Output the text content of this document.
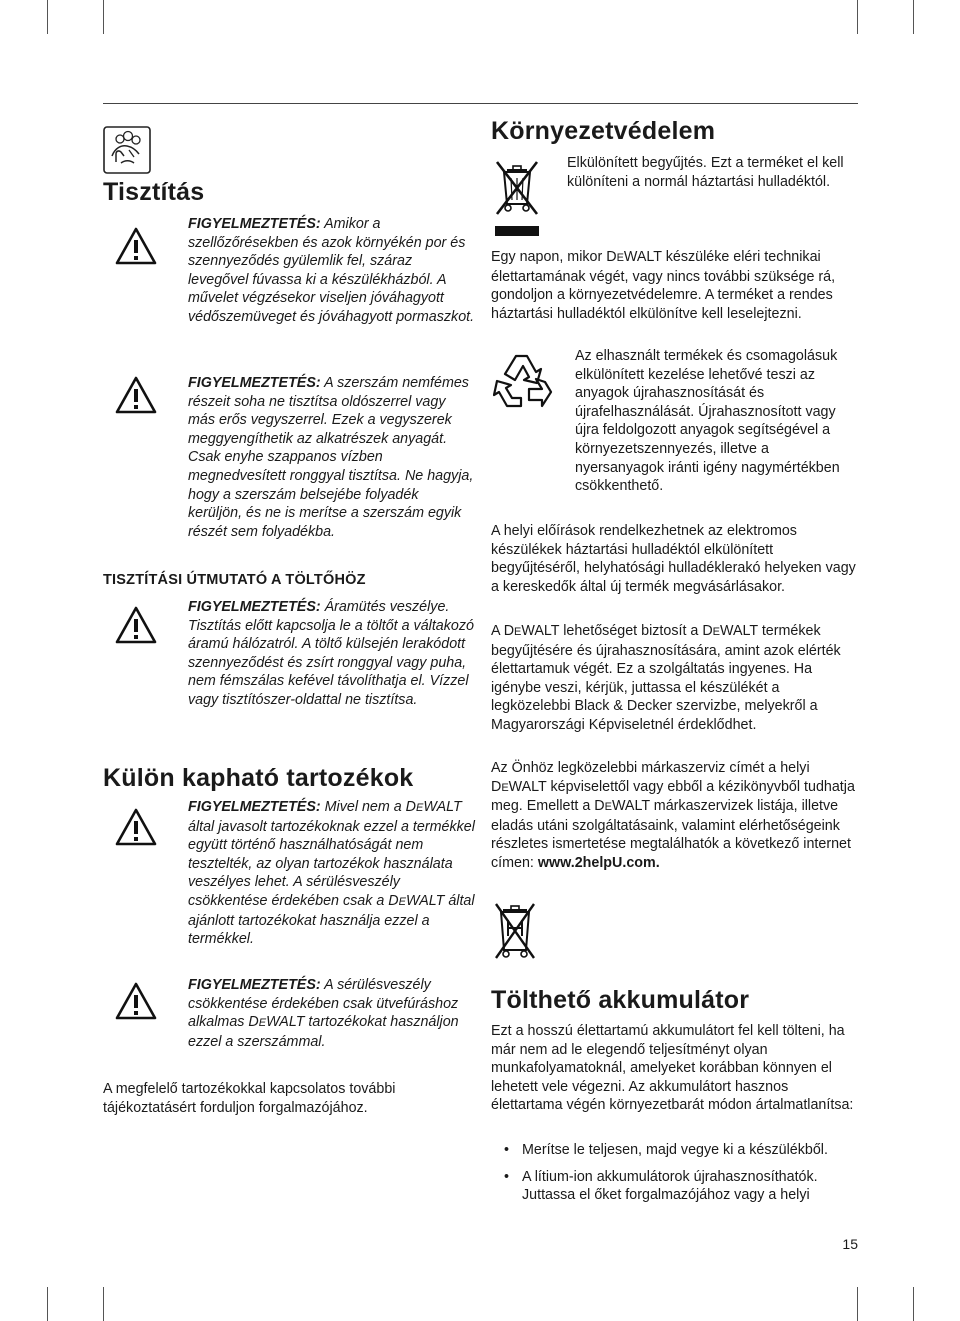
Tisztítás
FIGYELMEZTETÉS: Amikor a szellőzőrésekben és azok környékén por és szennyeződés gyülemlik fel, száraz levegővel fúvassa ki a készülékházból. A művelet végzésekor viseljen jóváhagyott védőszemüveget és jóváhagyott pormaszkot.
FIGYELMEZTETÉS: A szerszám nemfémes részeit soha ne tisztítsa oldószerrel vagy más erős vegyszerrel. Ezek a vegyszerek meggyengíthetik az alkatrészek anyagát. Csak enyhe szappanos vízben megnedvesített ronggyal tisztítsa. Ne hagyja, hogy a szerszám belsejébe folyadék kerüljön, és ne is merítse a szerszám egyik részét sem folyadékba.
TISZTÍTÁSI ÚTMUTATÓ A TÖLTŐHÖZ
FIGYELMEZTETÉS: Áramütés veszélye. Tisztítás előtt kapcsolja le a töltőt a váltakozó áramú hálózatról. A töltő külsején lerakódott szennyeződést és zsírt ronggyal vagy puha, nem fémszálas kefével távolíthatja el. Vízzel vagy tisztítószer-oldattal ne tisztítsa.
Külön kapható tartozékok
FIGYELMEZTETÉS: Mivel nem a DEWALT által javasolt tartozékoknak ezzel a termékkel együtt történő használhatóságát nem tesztelték, az olyan tartozékok használata veszélyes lehet. A sérülésveszély csökkentése érdekében csak a DEWALT által ajánlott tartozékokat használja ezzel a termékkel.
FIGYELMEZTETÉS: A sérülésveszély csökkentése érdekében csak ütvefúráshoz alkalmas DEWALT tartozékokat használjon ezzel a szerszámmal.
A megfelelő tartozékokkal kapcsolatos további tájékoztatásért forduljon forgalmazójához.
Környezetvédelem
Elkülönített begyűjtés. Ezt a terméket el kell különíteni a normál háztartási hulladéktól.
Egy napon, mikor DEWALT készüléke eléri technikai élettartamának végét, vagy nincs további szüksége rá, gondoljon a környezetvédelemre. A terméket a rendes háztartási hulladéktól elkülönítve kell leselejtezni.
Az elhasznált termékek és csomagolásuk elkülönített kezelése lehetővé teszi az anyagok újrahasznosítását és újrafelhasználását. Újrahasznosított vagy újra feldolgozott anyagok segítségével a környezetszennyezés, illetve a nyersanyagok iránti igény nagymértékben csökkenthető.
A helyi előírások rendelkezhetnek az elektromos készülékek háztartási hulladéktól elkülönített begyűjtéséről, helyhatósági hulladéklerakó helyeken vagy a kereskedők által új termék megvásárlásakor.
A DEWALT lehetőséget biztosít a DEWALT termékek begyűjtésére és újrahasznosítására, amint azok elérték élettartamuk végét. Ez a szolgáltatás ingyenes. Ha igénybe veszi, kérjük, juttassa el készülékét a legközelebbi Black & Decker szervizbe, melyekről a Magyarországi Képviseletnél érdeklődhet.
Az Önhöz legközelebbi márkaszerviz címét a helyi DEWALT képviselettől vagy ebből a kézikönyvből tudhatja meg. Emellett a DEWALT márkaszervizek listája, illetve eladás utáni szolgáltatásaink, valamint elérhetőségeink részletes ismertetése megtalálhatók a következő internet címen: www.2helpU.com.
Tölthető akkumulátor
Ezt a hosszú élettartamú akkumulátort fel kell tölteni, ha már nem ad le elegendő teljesítményt olyan munkafolyamatoknál, amelyeket korábban könnyen el lehetett vele végezni. Az akkumulátort hasznos élettartama végén környezetbarát módon ártalmatlanítsa:
• Merítse le teljesen, majd vegye ki a készülékből.
• A lítium-ion akkumulátorok újrahasznosíthatók. Juttassa el őket forgalmazójához vagy a helyi
15
